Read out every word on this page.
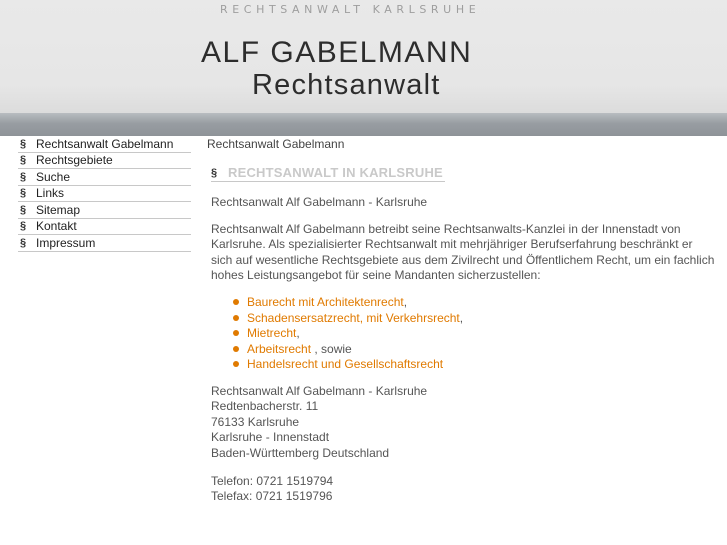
RECHTSANWALT KARLSRUHE
ALF GABELMANN
Rechtsanwalt
§ Rechtsanwalt Gabelmann
§ Rechtsgebiete
§ Suche
§ Links
§ Sitemap
§ Kontakt
§ Impressum
Rechtsanwalt Gabelmann
§ RECHTSANWALT IN KARLSRUHE
Rechtsanwalt Alf Gabelmann - Karlsruhe
Rechtsanwalt Alf Gabelmann betreibt seine Rechtsanwalts-Kanzlei in der Innenstadt von Karlsruhe. Als spezialisierter Rechtsanwalt mit mehrjähriger Berufserfahrung beschränkt er sich auf wesentliche Rechtsgebiete aus dem Zivilrecht und Öffentlichem Recht, um ein fachlich hohes Leistungsangebot für seine Mandanten sicherzustellen:
Baurecht mit Architektenrecht,
Schadensersatzrecht, mit Verkehrsrecht,
Mietrecht,
Arbeitsrecht , sowie
Handelsrecht und Gesellschaftsrecht
Rechtsanwalt Alf Gabelmann - Karlsruhe
Redtenbacherstr. 11
76133 Karlsruhe
Karlsruhe - Innenstadt
Baden-Württemberg Deutschland
Telefon: 0721 1519794
Telefax: 0721 1519796
